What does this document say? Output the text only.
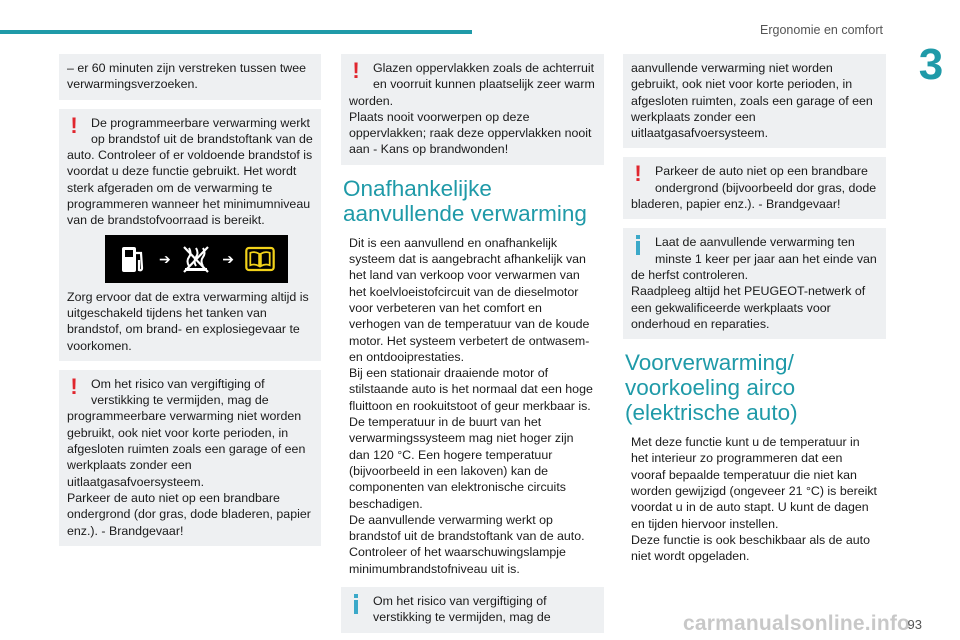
Ergonomie en comfort
3
– er 60 minuten zijn verstreken tussen twee verwarmingsverzoeken.
!	De programmeerbare verwarming werkt op brandstof uit de brandstoftank van de
auto. Controleer of er voldoende brandstof is voordat u deze functie gebruikt. Het wordt sterk afgeraden om de verwarming te programmeren wanneer het minimumniveau van de brandstofvoorraad is bereikt.
➔	➔
Zorg ervoor dat de extra verwarming altijd is uitgeschakeld tijdens het tanken van brandstof, om brand- en explosiegevaar te voorkomen.
!	Om het risico van vergiftiging of verstikking te vermijden, mag de
programmeerbare verwarming niet worden gebruikt, ook niet voor korte perioden, in afgesloten ruimten zoals een garage of een werkplaats zonder een uitlaatgasafvoersysteem.
Parkeer de auto niet op een brandbare ondergrond (dor gras, dode bladeren, papier enz.). - Brandgevaar!
!	Glazen oppervlakken zoals de achterruit en voorruit kunnen plaatselijk zeer warm
worden.
Plaats nooit voorwerpen op deze oppervlakken; raak deze oppervlakken nooit aan - Kans op brandwonden!
Onafhankelijke aanvullende verwarming
Dit is een aanvullend en onafhankelijk systeem dat is aangebracht afhankelijk van het land van verkoop voor verwarmen van het koelvloeistofcircuit van de dieselmotor voor verbeteren van het comfort en verhogen van de temperatuur van de koude motor. Het systeem verbetert de ontwasem- en ontdooiprestaties.
Bij een stationair draaiende motor of stilstaande auto is het normaal dat een hoge fluittoon en rookuitstoot of geur merkbaar is.
De temperatuur in de buurt van het verwarmingssysteem mag niet hoger zijn dan 120 °C. Een hogere temperatuur (bijvoorbeeld in een lakoven) kan de componenten van elektronische circuits beschadigen.
De aanvullende verwarming werkt op brandstof uit de brandstoftank van de auto. Controleer of het waarschuwingslampje minimumbrandstofniveau uit is.
Om het risico van vergiftiging of verstikking te vermijden, mag de
aanvullende verwarming niet worden gebruikt, ook niet voor korte perioden, in afgesloten ruimten, zoals een garage of een werkplaats zonder een uitlaatgasafvoersysteem.
!	Parkeer de auto niet op een brandbare ondergrond (bijvoorbeeld dor gras, dode
bladeren, papier enz.). - Brandgevaar!
Laat de aanvullende verwarming ten minste 1 keer per jaar aan het einde van
de herfst controleren.
Raadpleeg altijd het PEUGEOT-netwerk of een gekwalificeerde werkplaats voor onderhoud en reparaties.
Voorverwarming/ voorkoeling airco (elektrische auto)
Met deze functie kunt u de temperatuur in het interieur zo programmeren dat een vooraf bepaalde temperatuur die niet kan worden gewijzigd (ongeveer 21 °C) is bereikt voordat u in de auto stapt. U kunt de dagen en tijden hiervoor instellen.
Deze functie is ook beschikbaar als de auto niet wordt opgeladen.
carmanualsonline.info
93
